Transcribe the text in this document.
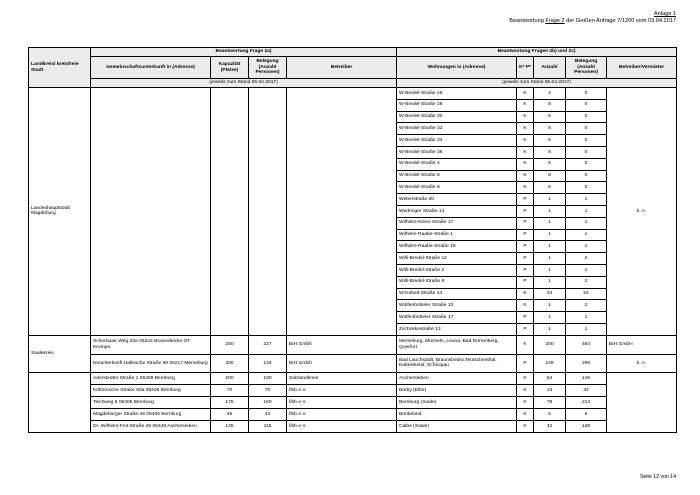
Anlage 1
Beantwortung Frage 2 der Großen Anfrage 7/1200 vom 03.04.2017
Landkreis/ kreisfreie Stadt	Beantwortung Frage 2a)				Beantwortung Fragen 2b) und 2c)				
	Gemeinschaftsunterkunft in (Adresse)	Kapazität (Plätze)	Belegung (Anzahl Personen)	Betreiber	Wohnungen in (Adresse)	K* P*	Anzahl	Belegung (Anzahl Personen)	Betreiber/Vermieter
	(jeweils zum Stand 05.04.2017)				(jeweils zum Stand 05.04.2017)				
Landeshauptstadt Magdeburg					W-Bredel-Straße 26	K	4	0	k. A.
					W-Bredel-Straße 28	K	8	0	
					W-Bredel-Straße 30	K	6	0	
					W-Bredel-Straße 32	K	8	0	
					W-Bredel-Straße 34	K	6	0	
					W-Bredel-Straße 36	K	8	0	
					W-Bredel-Straße 4	K	5	0	
					W-Bredel-Straße 6	K	8	0	
					W-Bredel-Straße 8	K	6	0	
					Weberstraße 20	P	1	1	
					Wedringer Straße 14	P	1	1	
					Wilhelm-Klees-Straße 17	P	1	1	
					Wilhelm-Raabe-Straße 1	P	1	1	
					Wilhelm-Raabe-Straße 18	P	1	1	
					Willi-Bredel-Straße 12	P	1	2	
					Willi-Bredel-Straße 2	P	1	1	
					Willi-Bredel-Straße 8	P	1	2	
					W-Kobelt-Straße 44	K	24	64	
					Wolfenbütteler Straße 13	K	1	2	
					Wolfenbütteler Straße 17	P	1	1	
					Zschokkestraße 13	P	1	1	
Saalekreis	Schortauer Weg 22a 06242 Braunsbedra OT Krumpa	250	227	BIH Gmbh	Merseburg, Mücheln, Leuna, Bad Dürrenberg, Querfurt	K	200	494	BIH GmbH
	Notunterkunft Hallesche Straße 99 06217 Merseburg	330	134	BIH Gmbh	Bad Lauchstädt, Braunsbedra,Teutschenthal, Kabelsketal, Schkopau	P	149	298	k. A.
	Aderstedter Straße 1 06406 Bernburg	200	100	Salzlandkreis	Aschersleben	K	64	145	
	Köthensche Straße 60a 06406 Bernburg	70	70	fibb e.V.	Barby (Elbe)	K	13	34	
	Teichweg 6 06406 Bernburg	175	160	fibb e.V.	Bernburg (Saale)	K	78	213	
	Magdeburger Straße 46 06406 Bernburg	46	42	fibb e.V.	Bördeland	K	5	6	
	Dr.-Wilhelm-Feit-Straße 26 06449 Aschersleben	135	115	fibb e.V.	Calbe (Saale)	K	42	138	
Seite 12 von 14
